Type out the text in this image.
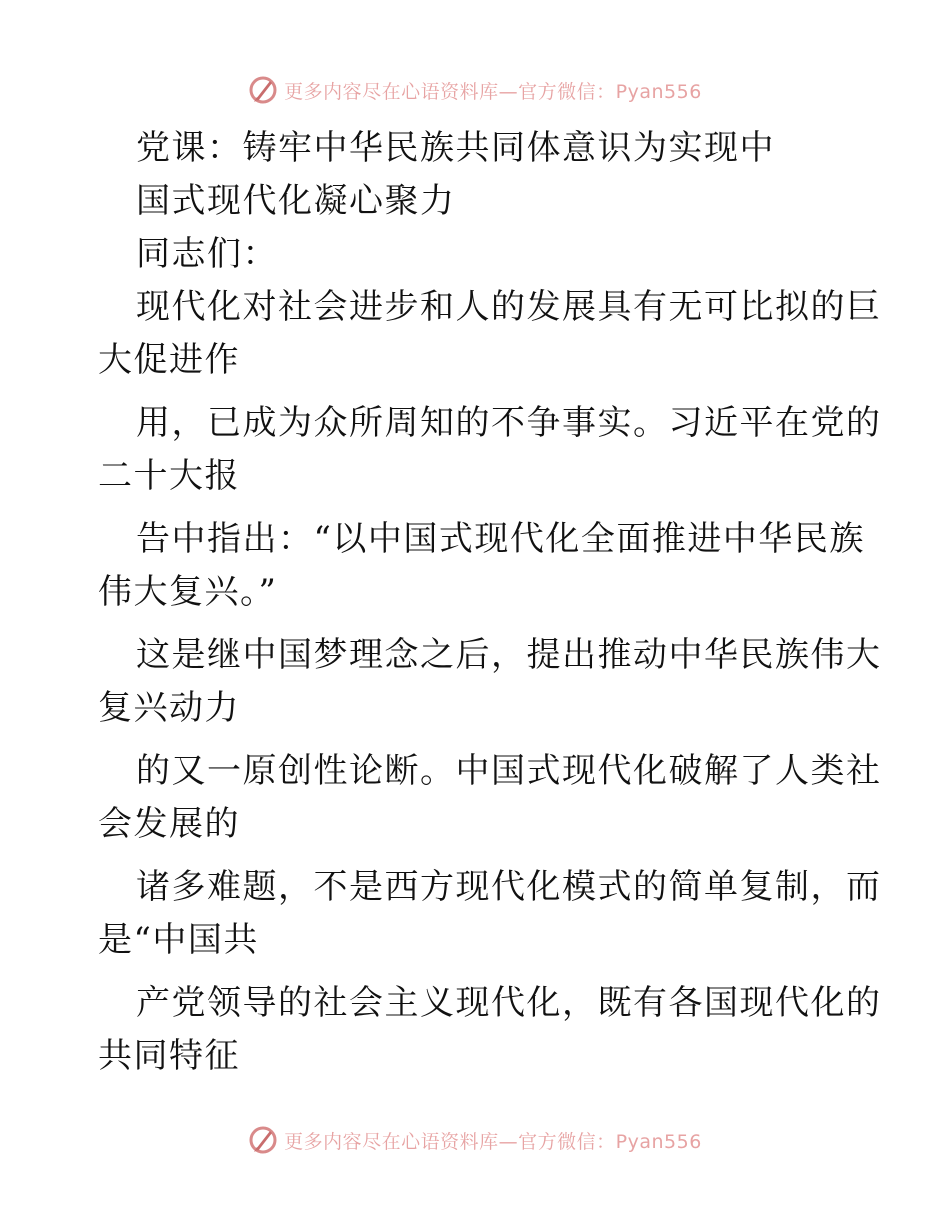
更多内容尽在心语资料库—官方微信：Pyan556
党课：铸牢中华民族共同体意识为实现中
国式现代化凝心聚力
同志们：
现代化对社会进步和人的发展具有无可比拟的巨
大促进作
用，已成为众所周知的不争事实。习近平在党的
二十大报
告中指出：“以中国式现代化全面推进中华民族
伟大复兴。”
这是继中国梦理念之后，提出推动中华民族伟大
复兴动力
的又一原创性论断。中国式现代化破解了人类社
会发展的
诸多难题，不是西方现代化模式的简单复制，而
是“中国共
产党领导的社会主义现代化，既有各国现代化的
共同特征
更多内容尽在心语资料库—官方微信：Pyan556
